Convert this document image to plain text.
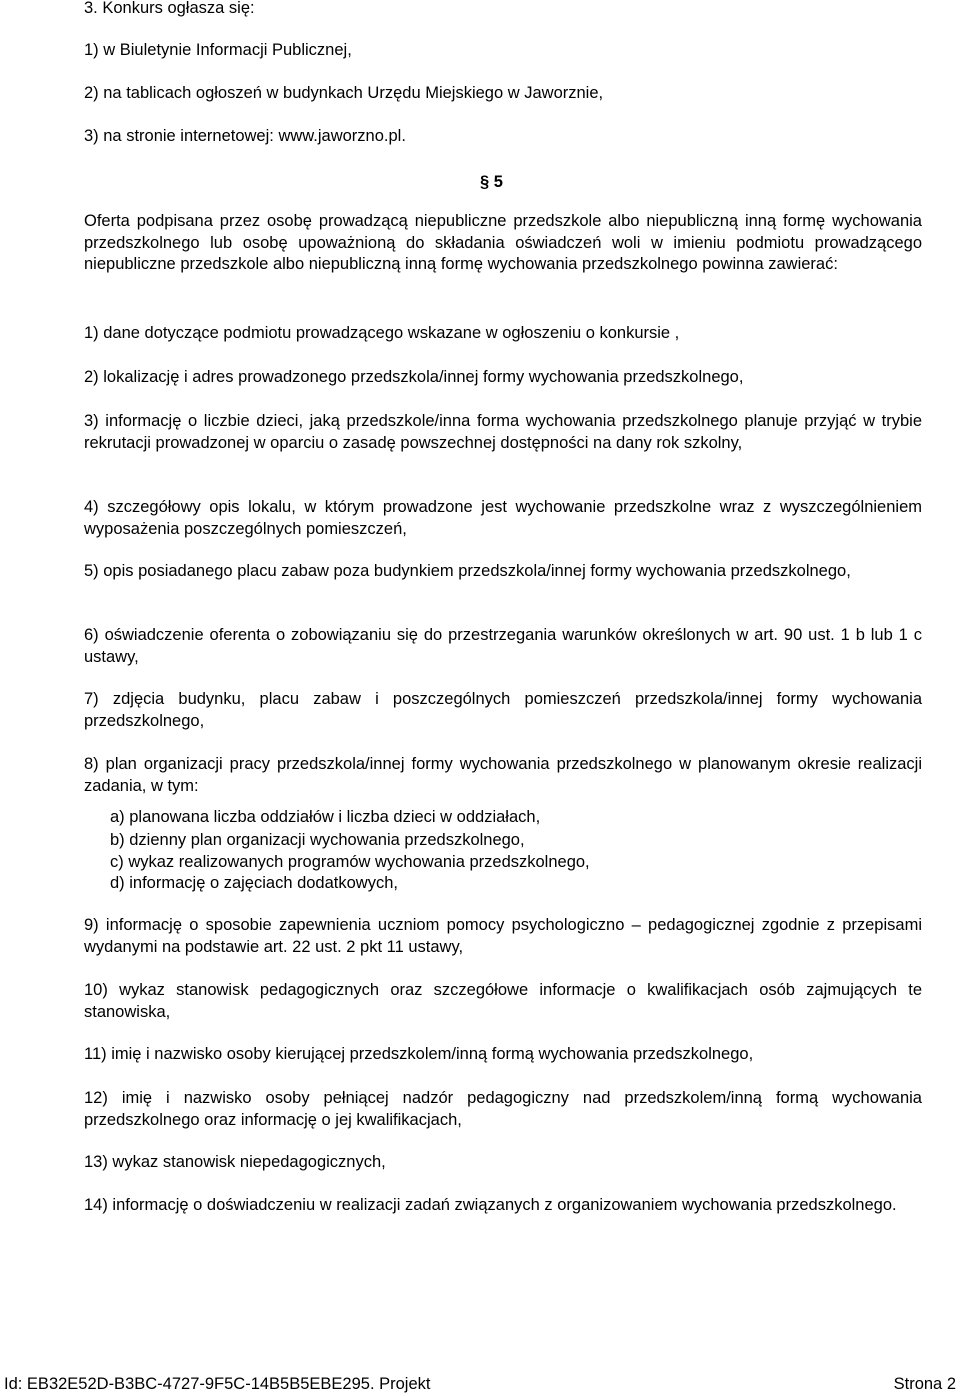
3. Konkurs ogłasza się:
1) w Biuletynie Informacji Publicznej,
2) na tablicach ogłoszeń w budynkach Urzędu Miejskiego w Jaworznie,
3) na stronie internetowej: www.jaworzno.pl.
§ 5
Oferta podpisana przez osobę prowadzącą niepubliczne przedszkole albo niepubliczną inną formę wychowania przedszkolnego lub osobę upoważnioną do składania oświadczeń woli w imieniu podmiotu prowadzącego niepubliczne przedszkole albo niepubliczną inną formę wychowania przedszkolnego powinna zawierać:
1) dane dotyczące podmiotu prowadzącego wskazane w ogłoszeniu o konkursie ,
2) lokalizację i adres prowadzonego przedszkola/innej formy wychowania przedszkolnego,
3) informację o liczbie dzieci, jaką przedszkole/inna forma wychowania przedszkolnego planuje przyjąć w trybie rekrutacji prowadzonej w oparciu o zasadę powszechnej dostępności na dany rok szkolny,
4) szczegółowy opis lokalu, w którym prowadzone jest wychowanie przedszkolne wraz z wyszczególnieniem wyposażenia poszczególnych pomieszczeń,
5) opis posiadanego placu zabaw poza budynkiem przedszkola/innej formy wychowania przedszkolnego,
6) oświadczenie oferenta o zobowiązaniu się do przestrzegania warunków określonych w art. 90 ust. 1 b lub 1 c ustawy,
7) zdjęcia budynku, placu zabaw i poszczególnych pomieszczeń przedszkola/innej formy wychowania przedszkolnego,
8) plan organizacji pracy przedszkola/innej formy wychowania przedszkolnego w planowanym okresie realizacji zadania, w tym:
a) planowana liczba oddziałów i liczba dzieci w oddziałach,
b) dzienny plan organizacji wychowania przedszkolnego,
c) wykaz realizowanych programów wychowania przedszkolnego,
d) informację o zajęciach dodatkowych,
9) informację o sposobie zapewnienia uczniom pomocy psychologiczno – pedagogicznej zgodnie z przepisami wydanymi na podstawie art. 22 ust. 2 pkt 11 ustawy,
10) wykaz stanowisk pedagogicznych oraz szczegółowe informacje o kwalifikacjach osób zajmujących te stanowiska,
11) imię i nazwisko osoby kierującej przedszkolem/inną formą wychowania przedszkolnego,
12) imię i nazwisko osoby pełniącej nadzór pedagogiczny nad przedszkolem/inną formą wychowania przedszkolnego oraz informację o jej kwalifikacjach,
13) wykaz stanowisk niepedagogicznych,
14) informację o doświadczeniu w realizacji zadań związanych z organizowaniem wychowania przedszkolnego.
Id: EB32E52D-B3BC-4727-9F5C-14B5B5EBE295. Projekt	Strona 2
